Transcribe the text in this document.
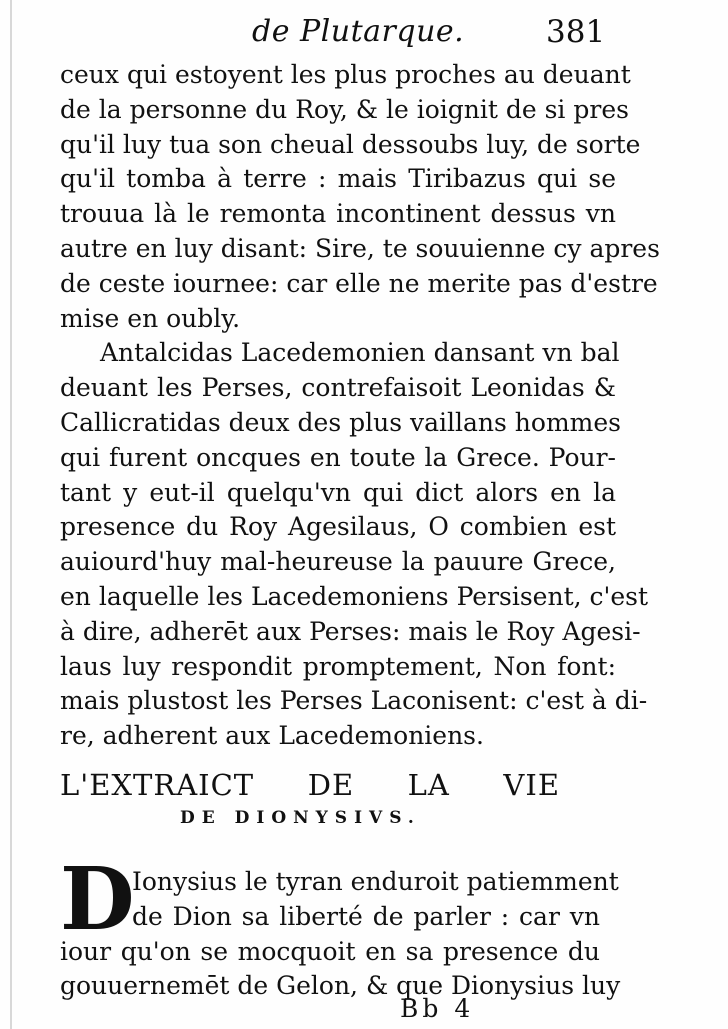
de Plutarque.	381
ceux qui estoyent les plus proches au deuant
de la personne du Roy, & le ioignit de si pres
qu'il luy tua son cheual dessoubs luy, de sorte
qu'il tomba à terre : mais Tiribazus qui se
trouua là le remonta incontinent dessus vn
autre en luy disant: Sire, te souuienne cy apres
de ceste iournee: car elle ne merite pas d'estre
mise en oubly.
Antalcidas Lacedemonien dansant vn bal
deuant les Perses, contrefaisoit Leonidas &
Callicratidas deux des plus vaillans hommes
qui furent oncques en toute la Grece. Pour-
tant y eut-il quelqu'vn qui dict alors en la
presence du Roy Agesilaus, O combien est
auiourd'huy mal-heureuse la pauure Grece,
en laquelle les Lacedemoniens Persisent, c'est
à dire, adherēt aux Perses: mais le Roy Agesi-
laus luy respondit promptement, Non font:
mais plustost les Perses Laconisent: c'est à di-
re, adherent aux Lacedemoniens.
L'EXTRAICT DE LA VIE
DE DIONYSIVS.
D
Ionysius le tyran enduroit patiemment
de Dion sa liberté de parler : car vn
iour qu'on se mocquoit en sa presence du
gouuernemēt de Gelon, & que Dionysius luy
Bb 4
